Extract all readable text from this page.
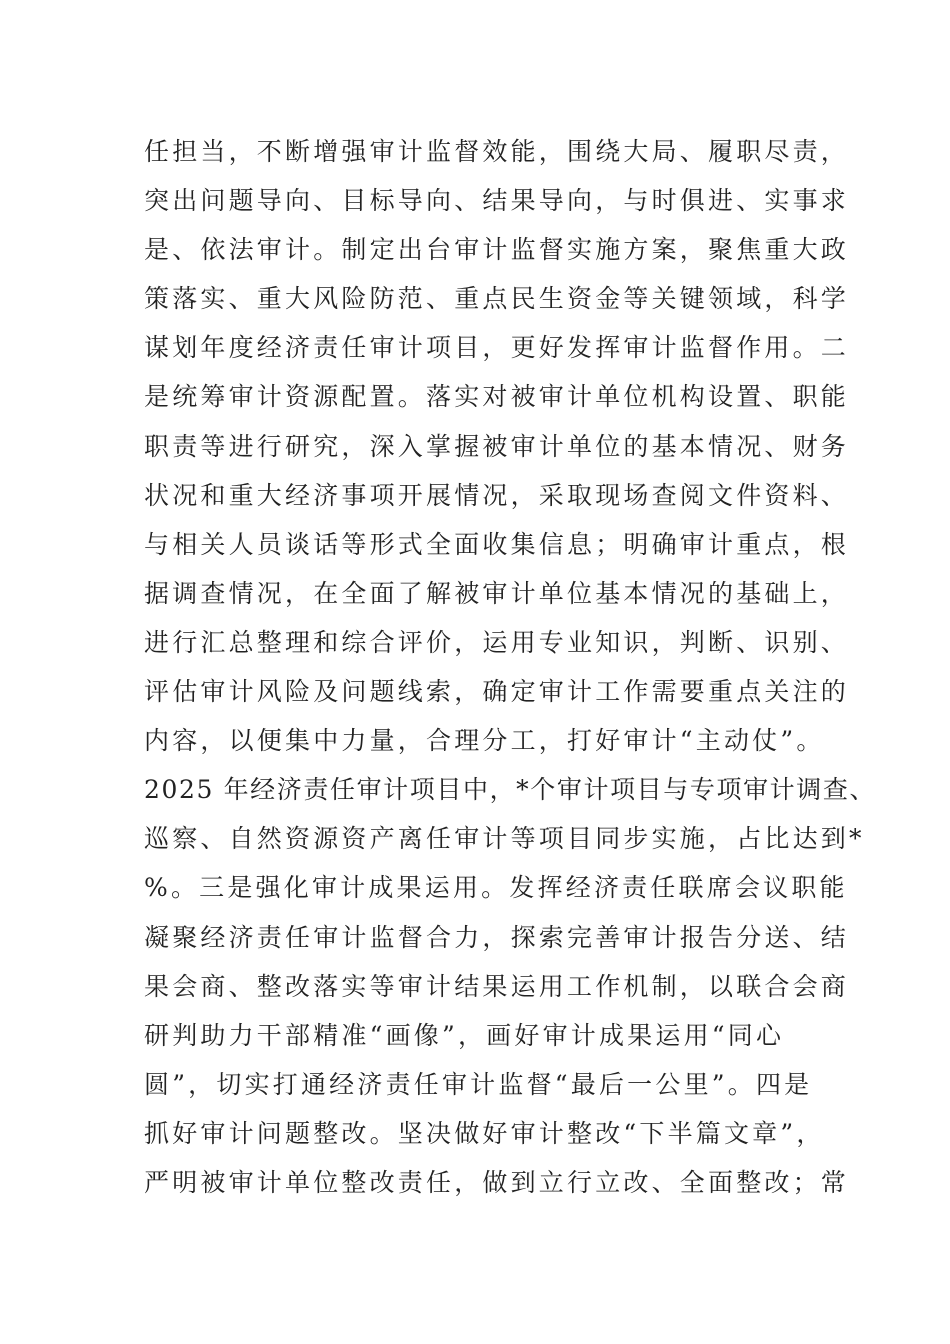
任担当，不断增强审计监督效能，围绕大局、履职尽责，
突出问题导向、目标导向、结果导向，与时俱进、实事求
是、依法审计。制定出台审计监督实施方案，聚焦重大政
策落实、重大风险防范、重点民生资金等关键领域，科学
谋划年度经济责任审计项目，更好发挥审计监督作用。二
是统筹审计资源配置。落实对被审计单位机构设置、职能
职责等进行研究，深入掌握被审计单位的基本情况、财务
状况和重大经济事项开展情况，采取现场查阅文件资料、
与相关人员谈话等形式全面收集信息；明确审计重点，根
据调查情况，在全面了解被审计单位基本情况的基础上，
进行汇总整理和综合评价，运用专业知识，判断、识别、
评估审计风险及问题线索，确定审计工作需要重点关注的
内容，以便集中力量，合理分工，打好审计“主动仗”。
2025 年经济责任审计项目中，*个审计项目与专项审计调查、
巡察、自然资源资产离任审计等项目同步实施，占比达到*
%。三是强化审计成果运用。发挥经济责任联席会议职能
凝聚经济责任审计监督合力，探索完善审计报告分送、结
果会商、整改落实等审计结果运用工作机制，以联合会商
研判助力干部精准“画像”，画好审计成果运用“同心
圆”，切实打通经济责任审计监督“最后一公里”。四是
抓好审计问题整改。坚决做好审计整改“下半篇文章”，
严明被审计单位整改责任，做到立行立改、全面整改；常
